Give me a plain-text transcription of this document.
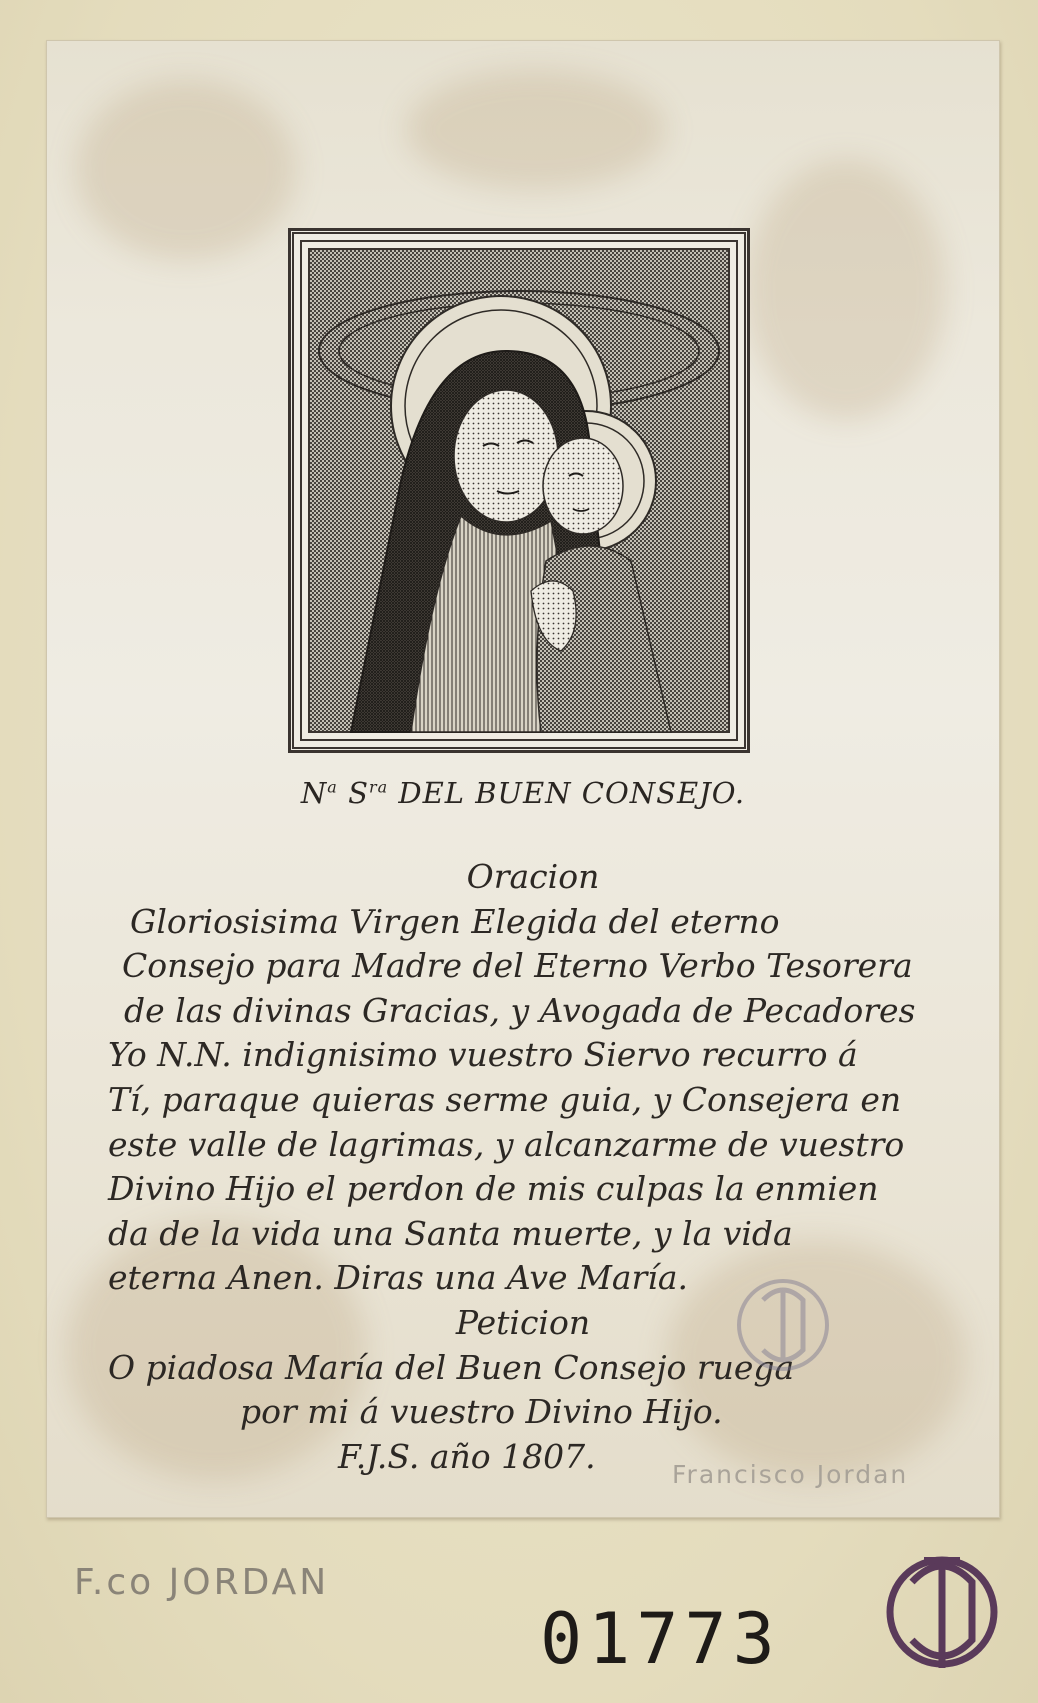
$N^a$ $S^{ra}$ DEL BUEN CONSEJO.
Oracion
Gloriosisima Virgen Elegida del eterno
Consejo para Madre del Eterno Verbo Tesorera
de las divinas Gracias, y Avogada de Pecadores
Yo N.N. indignisimo vuestro Siervo recurro á
Tí, paraque quieras serme guia, y Consejera en
este valle de lagrimas, y alcanzarme de vuestro
Divino Hijo el perdon de mis culpas la enmien
da de la vida una Santa muerte, y la vida
eterna Anen. Diras una Ave María.
Peticion
O piadosa María del Buen Consejo ruega
por mi á vuestro Divino Hijo.
F.J.S. año 1807.	Francisco Jordan
F.co JORDAN
01773
